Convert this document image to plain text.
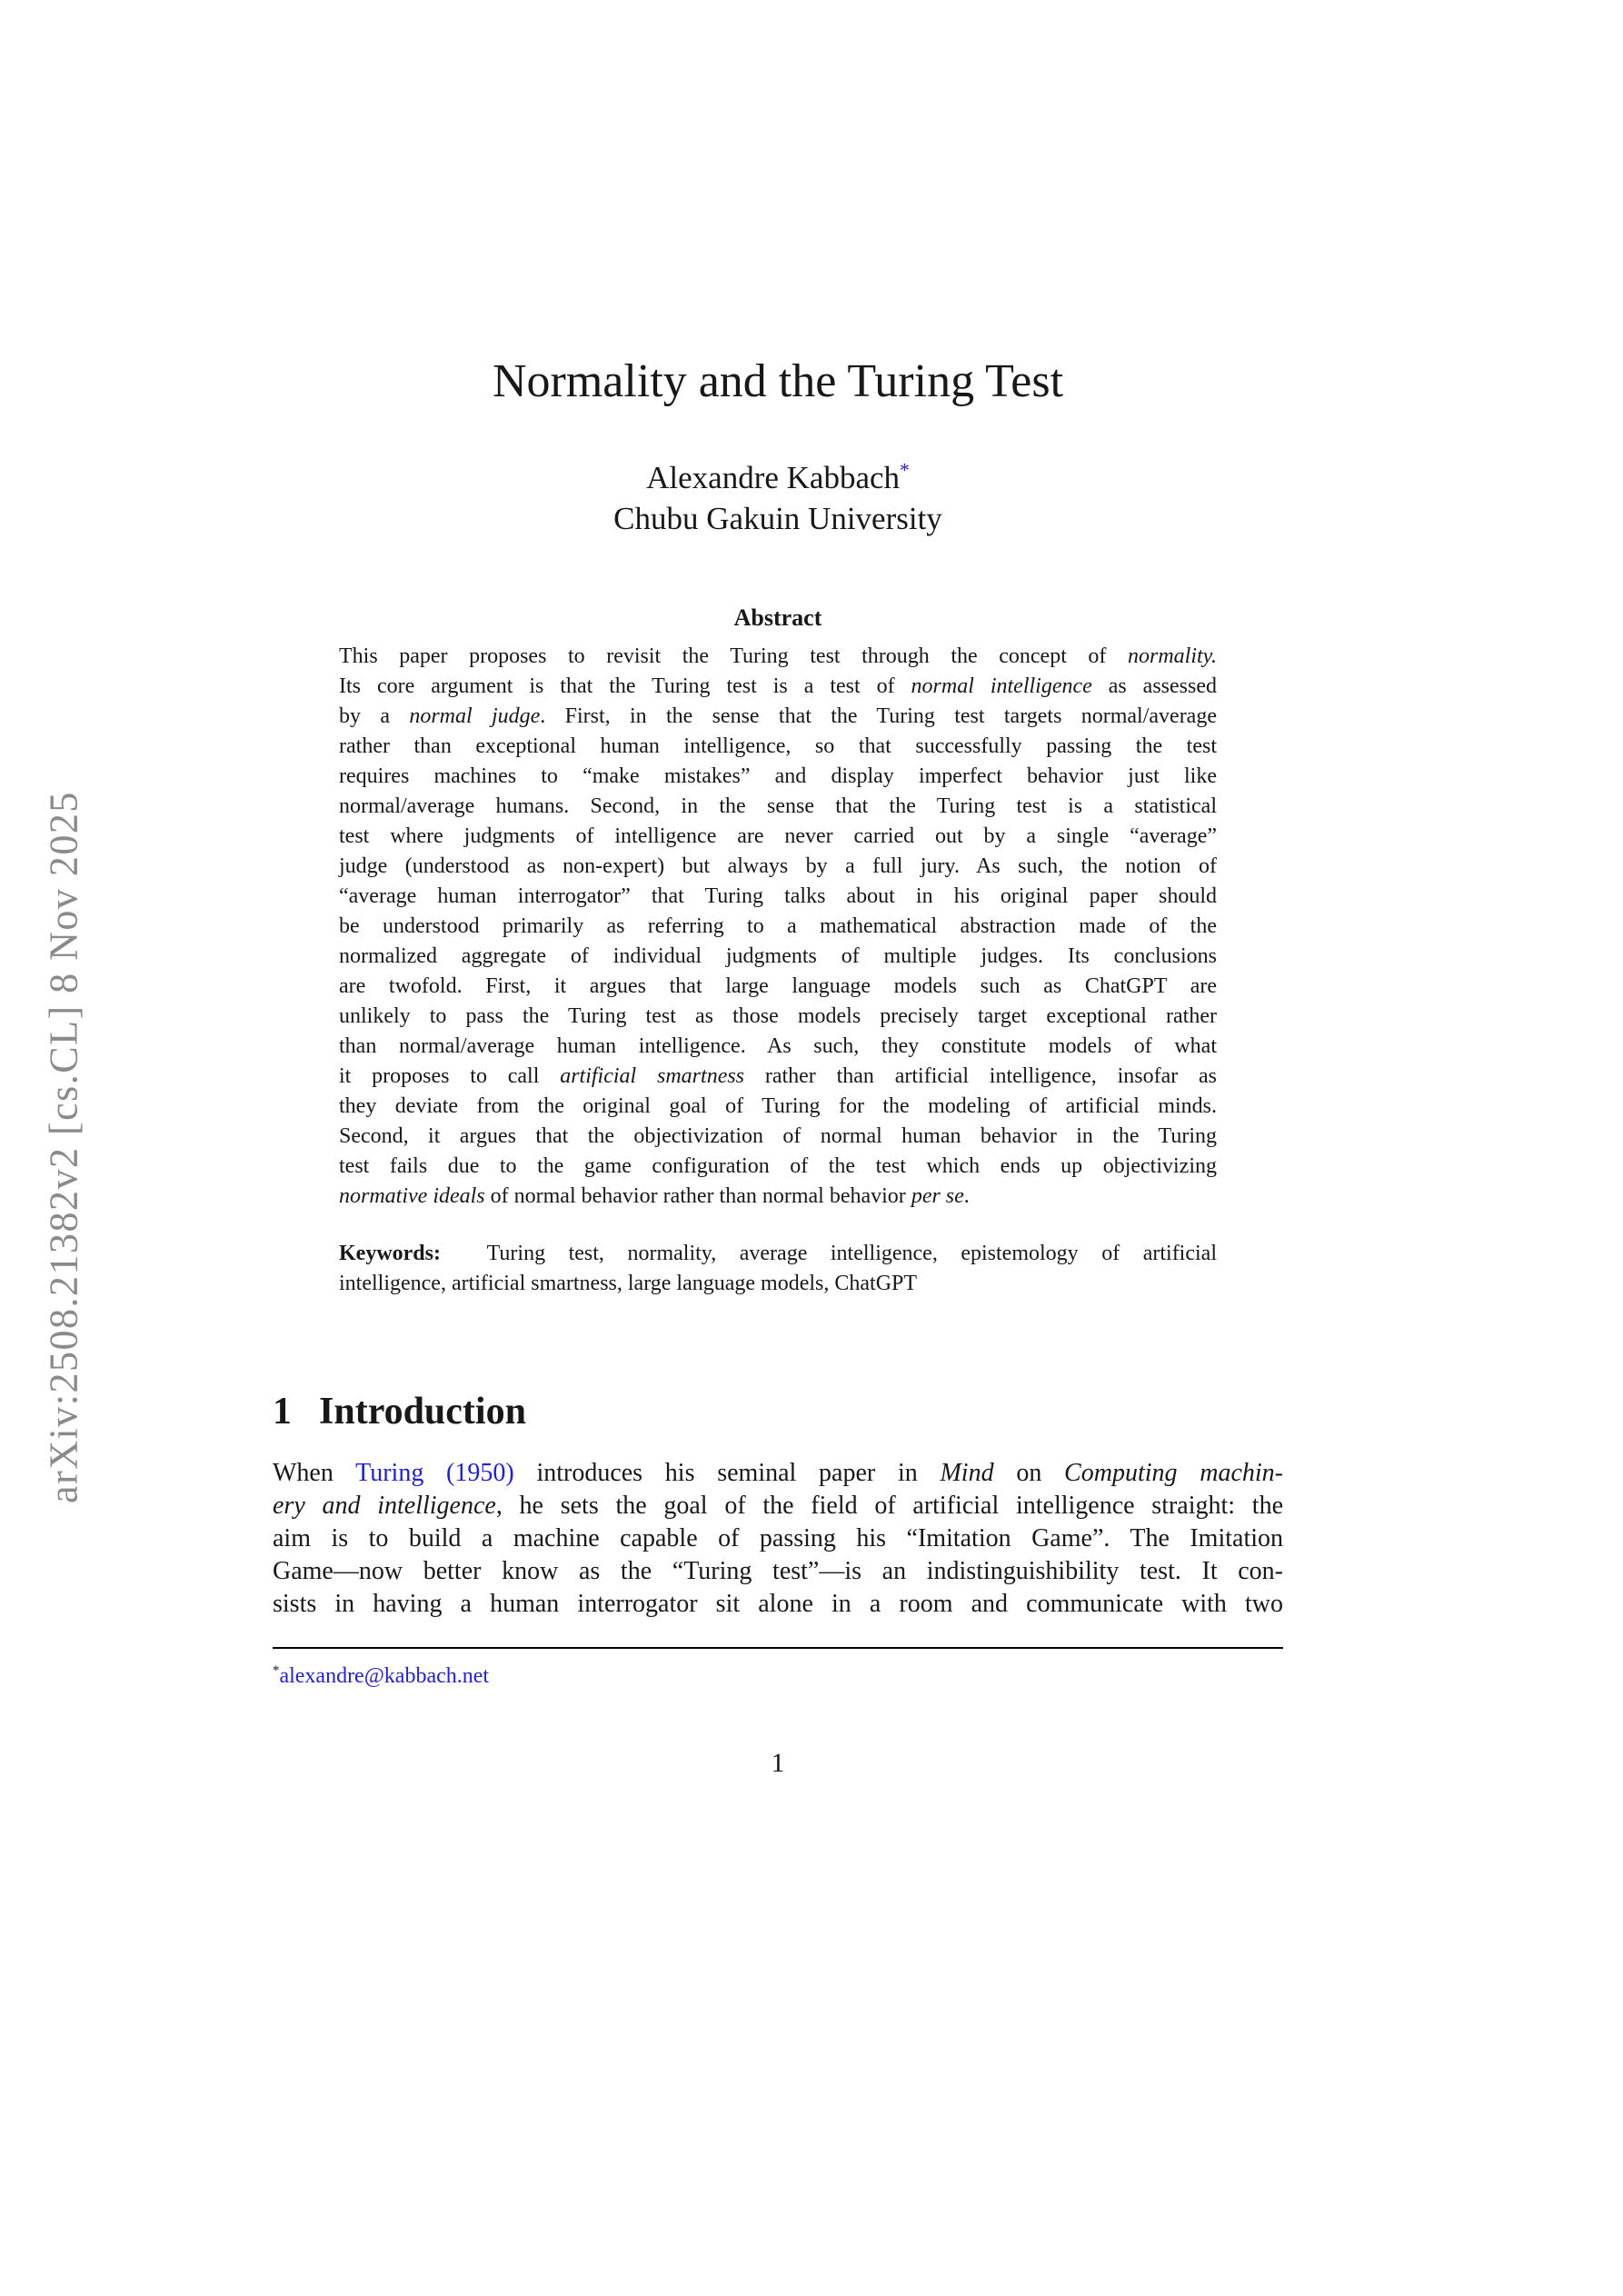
arXiv:2508.21382v2 [cs.CL] 8 Nov 2025
Normality and the Turing Test
Alexandre Kabbach*
Chubu Gakuin University
Abstract
This paper proposes to revisit the Turing test through the concept of normality.
Its core argument is that the Turing test is a test of normal intelligence as assessed
by a normal judge. First, in the sense that the Turing test targets normal/average
rather than exceptional human intelligence, so that successfully passing the test
requires machines to “make mistakes” and display imperfect behavior just like
normal/average humans. Second, in the sense that the Turing test is a statistical
test where judgments of intelligence are never carried out by a single “average”
judge (understood as non-expert) but always by a full jury. As such, the notion of
“average human interrogator” that Turing talks about in his original paper should
be understood primarily as referring to a mathematical abstraction made of the
normalized aggregate of individual judgments of multiple judges. Its conclusions
are twofold. First, it argues that large language models such as ChatGPT are
unlikely to pass the Turing test as those models precisely target exceptional rather
than normal/average human intelligence. As such, they constitute models of what
it proposes to call artificial smartness rather than artificial intelligence, insofar as
they deviate from the original goal of Turing for the modeling of artificial minds.
Second, it argues that the objectivization of normal human behavior in the Turing
test fails due to the game configuration of the test which ends up objectivizing
normative ideals of normal behavior rather than normal behavior per se.
Keywords:  Turing test, normality, average intelligence, epistemology of artificial
intelligence, artificial smartness, large language models, ChatGPT
1 Introduction
When Turing (1950) introduces his seminal paper in Mind on Computing machin-
ery and intelligence, he sets the goal of the field of artificial intelligence straight: the
aim is to build a machine capable of passing his “Imitation Game”. The Imitation
Game—now better know as the “Turing test”—is an indistinguishibility test. It con-
sists in having a human interrogator sit alone in a room and communicate with two
*alexandre@kabbach.net
1
